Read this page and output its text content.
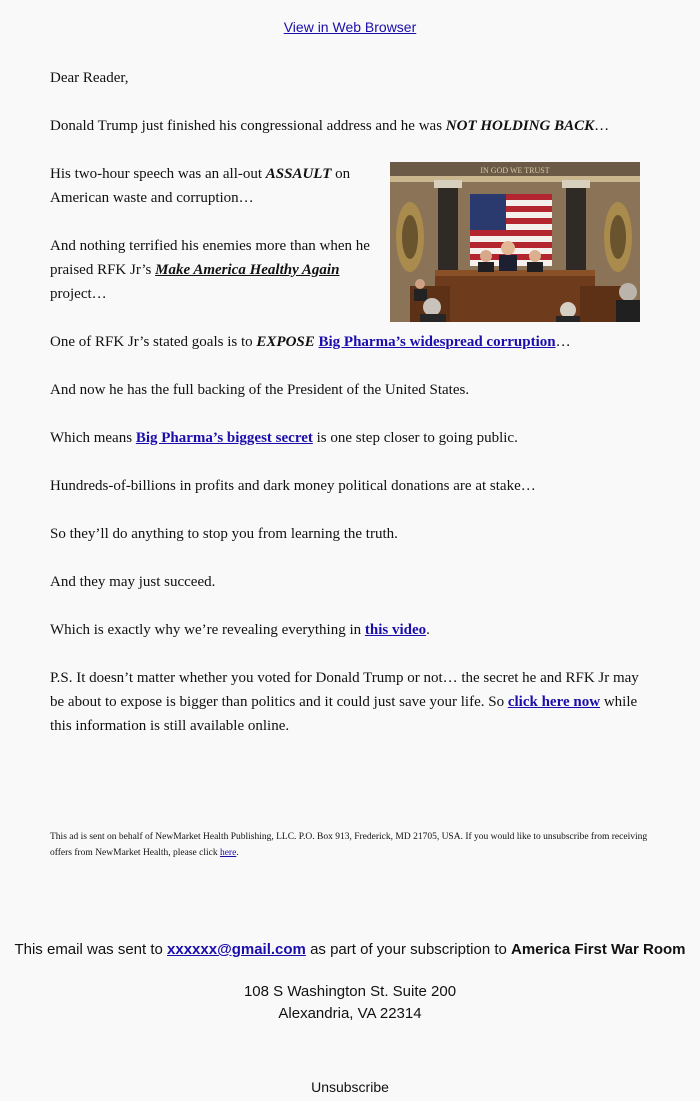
View in Web Browser

Dear Reader,

Donald Trump just finished his congressional address and he was NOT HOLDING BACK…

His two-hour speech was an all-out ASSAULT on American waste and corruption…

And nothing terrified his enemies more than when he praised RFK Jr’s Make America Healthy Again project…

IN GOD WE TRUST

One of RFK Jr’s stated goals is to EXPOSE Big Pharma’s widespread corruption…

And now he has the full backing of the President of the United States.

Which means Big Pharma’s biggest secret is one step closer to going public.

Hundreds-of-billions in profits and dark money political donations are at stake…

So they’ll do anything to stop you from learning the truth.

And they may just succeed.

Which is exactly why we’re revealing everything in this video.

P.S. It doesn’t matter whether you voted for Donald Trump or not… the secret he and RFK Jr may be about to expose is bigger than politics and it could just save your life. So click here now while this information is still available online.

This ad is sent on behalf of NewMarket Health Publishing, LLC. P.O. Box 913, Frederick, MD 21705, USA. If you would like to unsubscribe from receiving offers from NewMarket Health, please click here.
This email was sent to xxxxxx@gmail.com as part of your subscription to America First War Room
108 S Washington St. Suite 200
Alexandria, VA 22314
Unsubscribe
